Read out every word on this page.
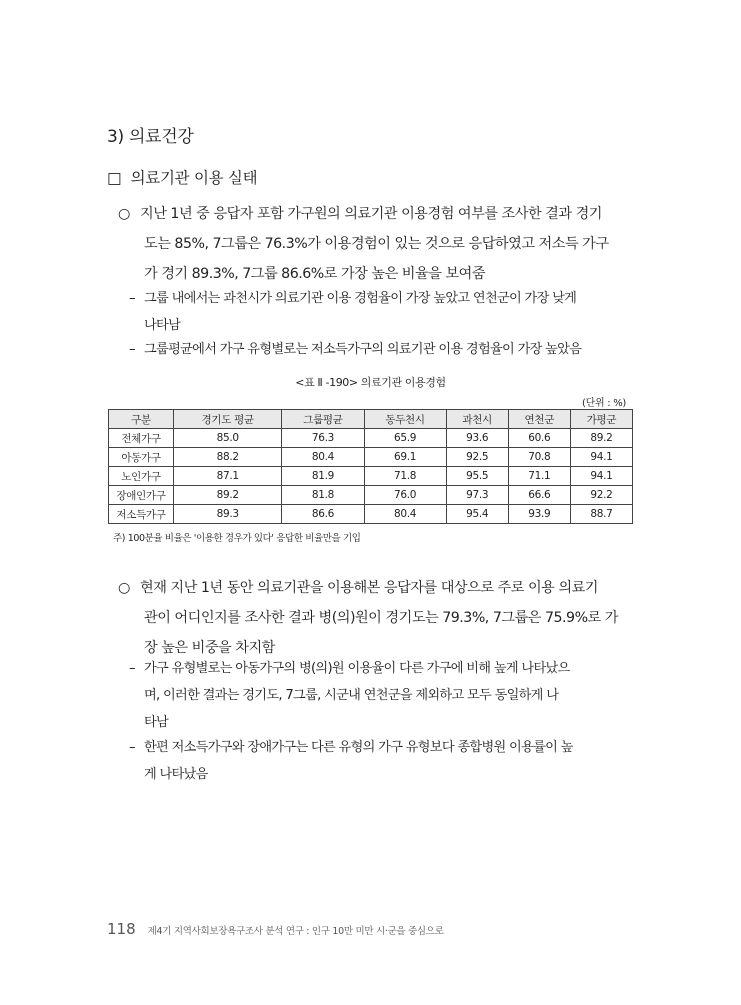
3) 의료건강
□ 의료기관 이용 실태
○ 지난 1년 중 응답자 포함 가구원의 의료기관 이용경험 여부를 조사한 결과 경기
도는 85%, 7그룹은 76.3%가 이용경험이 있는 것으로 응답하였고 저소득 가구
가 경기 89.3%, 7그룹 86.6%로 가장 높은 비율을 보여줌
– 그룹 내에서는 과천시가 의료기관 이용 경험율이 가장 높았고 연천군이 가장 낮게
나타남
– 그룹평균에서 가구 유형별로는 저소득가구의 의료기관 이용 경험율이 가장 높았음
<표 Ⅱ -190> 의료기관 이용경험
(단위 : %)
구분	경기도 평균	그룹평균	동두천시	과천시	연천군	가평군
전체가구	85.0	76.3	65.9	93.6	60.6	89.2
아동가구	88.2	80.4	69.1	92.5	70.8	94.1
노인가구	87.1	81.9	71.8	95.5	71.1	94.1
장애인가구	89.2	81.8	76.0	97.3	66.6	92.2
저소득가구	89.3	86.6	80.4	95.4	93.9	88.7
주) 100분율 비율은 '이용한 경우가 있다' 응답한 비율만을 기입
○ 현재 지난 1년 동안 의료기관을 이용해본 응답자를 대상으로 주로 이용 의료기
관이 어디인지를 조사한 결과 병(의)원이 경기도는 79.3%, 7그룹은 75.9%로 가
장 높은 비중을 차지함
– 가구 유형별로는 아동가구의 병(의)원 이용율이 다른 가구에 비해 높게 나타났으
며, 이러한 결과는 경기도, 7그룹, 시군내 연천군을 제외하고 모두 동일하게 나
타남
– 한편 저소득가구와 장애가구는 다른 유형의 가구 유형보다 종합병원 이용률이 높
게 나타났음
118 제4기 지역사회보장욕구조사 분석 연구 : 인구 10만 미만 시·군을 중심으로
